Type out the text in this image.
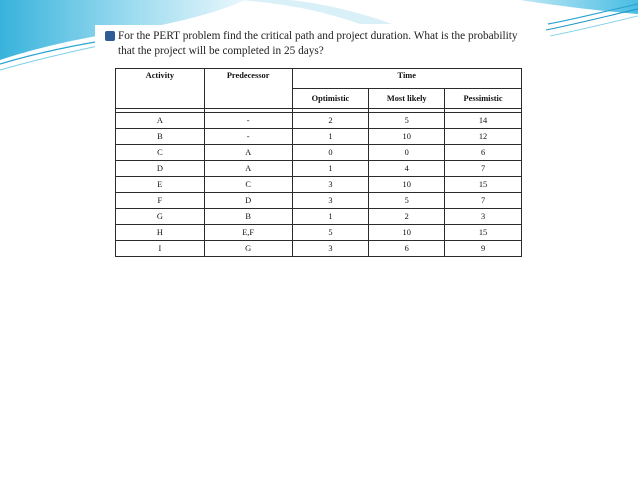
For the PERT problem find the critical path and project duration. What is the probability that the project will be completed in 25 days?
Activity	Predecessor	Time		
		Optimistic	Most likely	Pessimistic

A	-	2	5	14
B	-	1	10	12
C	A	0	0	6
D	A	1	4	7
E	C	3	10	15
F	D	3	5	7
G	B	1	2	3
H	E,F	5	10	15
I	G	3	6	9
